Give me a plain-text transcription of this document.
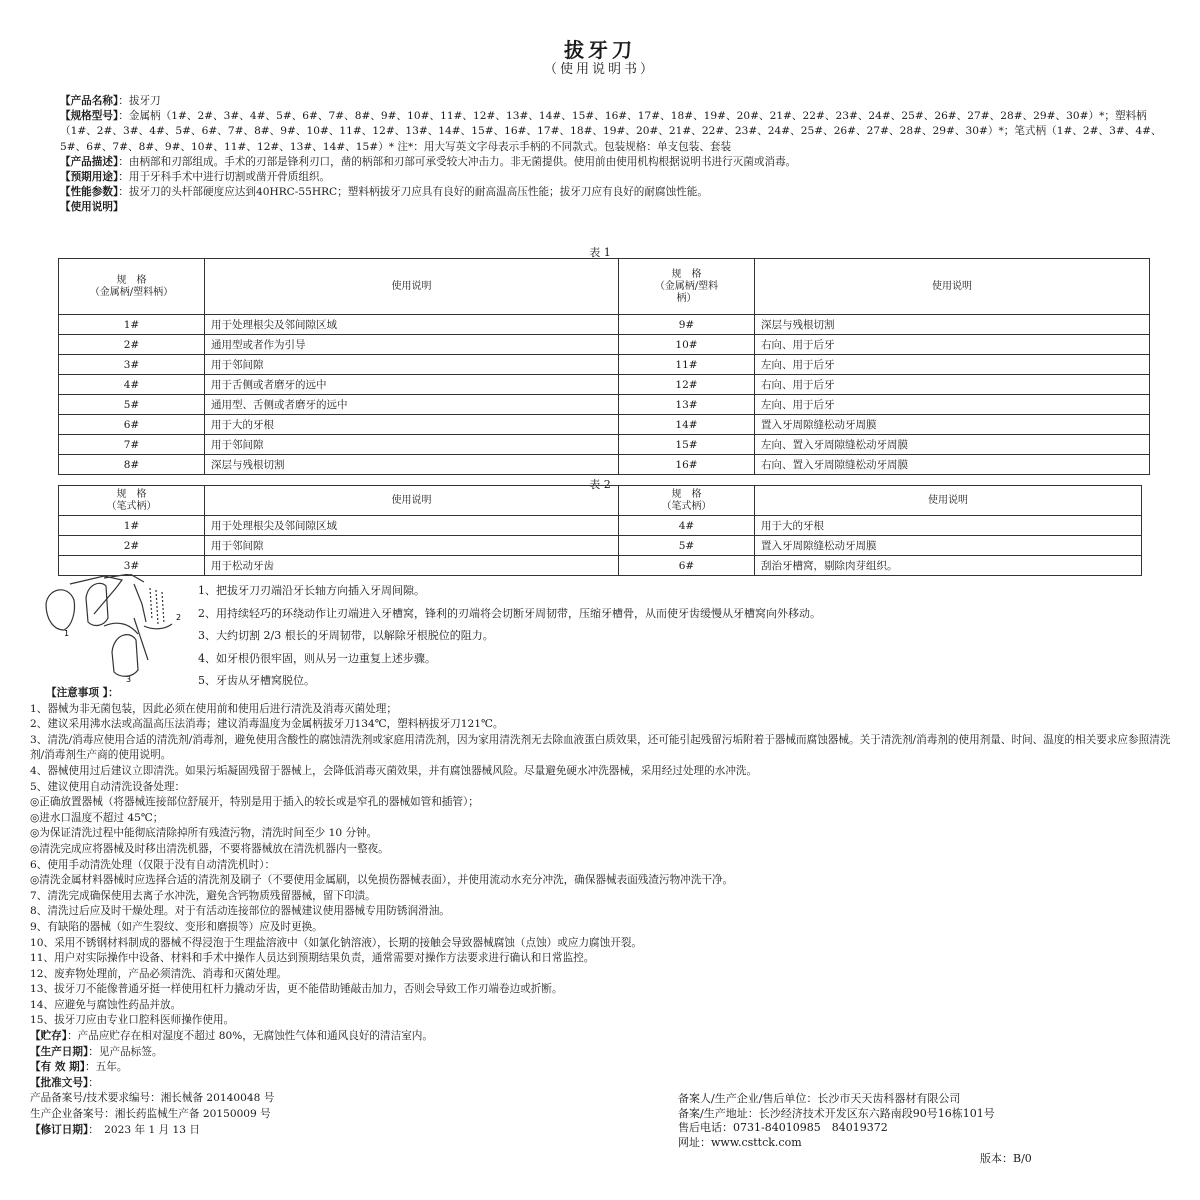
拔牙刀
（使用说明书）

【产品名称】：拔牙刀

【规格型号】：金属柄（1#、2#、3#、4#、5#、6#、7#、8#、9#、10#、11#、12#、13#、14#、15#、16#、17#、18#、19#、20#、21#、22#、23#、24#、25#、26#、27#、28#、29#、30#）*；塑料柄（1#、2#、3#、4#、5#、6#、7#、8#、9#、10#、11#、12#、13#、14#、15#、16#、17#、18#、19#、20#、21#、22#、23#、24#、25#、26#、27#、28#、29#、30#）*；笔式柄（1#、2#、3#、4#、5#、6#、7#、8#、9#、10#、11#、12#、13#、14#、15#）* 注*：用大写英文字母表示手柄的不同款式。包装规格：单支包装、套装

【产品描述】：由柄部和刃部组成。手术的刃部是锋利刃口，凿的柄部和刃部可承受较大冲击力。非无菌提供。使用前由使用机构根据说明书进行灭菌或消毒。

【预期用途】：用于牙科手术中进行切割或凿开骨质组织。

【性能参数】：拔牙刀的头杆部硬度应达到40HRC-55HRC；塑料柄拔牙刀应具有良好的耐高温高压性能；拔牙刀应有良好的耐腐蚀性能。

【使用说明】

表 1
规　格
（金属柄/塑料柄）	使用说明	规　格
（金属柄/塑料
柄）	使用说明
1#	用于处理根尖及邻间隙区域	9#	深层与残根切割
2#	通用型或者作为引导	10#	右向、用于后牙
3#	用于邻间隙	11#	左向、用于后牙
4#	用于舌侧或者磨牙的远中	12#	右向、用于后牙
5#	通用型、舌侧或者磨牙的远中	13#	左向、用于后牙
6#	用于大的牙根	14#	置入牙周隙缝松动牙周膜
7#	用于邻间隙	15#	左向、置入牙周隙缝松动牙周膜
8#	深层与残根切割	16#	右向、置入牙周隙缝松动牙周膜
表 2
规　格
（笔式柄）	使用说明	规　格
（笔式柄）	使用说明
1#	用于处理根尖及邻间隙区域	4#	用于大的牙根
2#	用于邻间隙	5#	置入牙周隙缝松动牙周膜
3#	用于松动牙齿	6#	刮治牙槽窝，剔除肉芽组织。
1
2
3

1、把拔牙刀刃端沿牙长轴方向插入牙周间隙。

2、用持续轻巧的环绕动作让刃端进入牙槽窝，锋利的刃端将会切断牙周韧带，压缩牙槽骨，从而使牙齿缓慢从牙槽窝向外移动。

3、大约切割 2/3 根长的牙周韧带，以解除牙根脱位的阻力。

4、如牙根仍很牢固，则从另一边重复上述步骤。

5、牙齿从牙槽窝脱位。

【注意事项 】：

1、器械为非无菌包装，因此必须在使用前和使用后进行清洗及消毒灭菌处理；

2、建议采用沸水法或高温高压法消毒；建议消毒温度为金属柄拔牙刀134℃，塑料柄拔牙刀121℃。

3、清洗/消毒应使用合适的清洗剂/消毒剂，避免使用含酸性的腐蚀清洗剂或家庭用清洗剂，因为家用清洗剂无去除血液蛋白质效果，还可能引起残留污垢附着于器械而腐蚀器械。关于清洗剂/消毒剂的使用剂量、时间、温度的相关要求应参照清洗剂/消毒剂生产商的使用说明。

4、器械使用过后建议立即清洗。如果污垢凝固残留于器械上，会降低消毒灭菌效果，并有腐蚀器械风险。尽量避免硬水冲洗器械，采用经过处理的水冲洗。

5、建议使用自动清洗设备处理：

◎正确放置器械（将器械连接部位舒展开，特别是用于插入的较长或是窄孔的器械如管和插管）；

◎进水口温度不超过 45℃；

◎为保证清洗过程中能彻底清除掉所有残渣污物，清洗时间至少 10 分钟。

◎清洗完成应将器械及时移出清洗机器，不要将器械放在清洗机器内一整夜。

6、使用手动清洗处理（仅限于没有自动清洗机时）：

◎清洗金属材料器械时应选择合适的清洗剂及刷子（不要使用金属刷，以免损伤器械表面），并使用流动水充分冲洗，确保器械表面残渣污物冲洗干净。

7、清洗完成确保使用去离子水冲洗，避免含钙物质残留器械，留下印渍。

8、清洗过后应及时干燥处理。对于有活动连接部位的器械建议使用器械专用防锈润滑油。

9、有缺陷的器械（如产生裂纹、变形和磨损等）应及时更换。

10、采用不锈钢材料制成的器械不得浸泡于生理盐溶液中（如氯化钠溶液），长期的接触会导致器械腐蚀（点蚀）或应力腐蚀开裂。

11、用户对实际操作中设备、材料和手术中操作人员达到预期结果负责，通常需要对操作方法要求进行确认和日常监控。

12、废弃物处理前，产品必须清洗、消毒和灭菌处理。

13、拔牙刀不能像普通牙挺一样使用杠杆力撬动牙齿，更不能借助锤敲击加力，否则会导致工作刃端卷边或折断。

14、应避免与腐蚀性药品并放。

15、拔牙刀应由专业口腔科医师操作使用。

【贮存】：产品应贮存在相对湿度不超过 80%，无腐蚀性气体和通风良好的清洁室内。

【生产日期】：见产品标签。

【有 效 期】：五年。

【批准文号】：

产品备案号/技术要求编号：湘长械备 20140048 号

生产企业备案号：湘长药监械生产备 20150009 号

【修订日期】：　2023 年 1 月 13 日

备案人/生产企业/售后单位：长沙市天天齿科器材有限公司

备案/生产地址：长沙经济技术开发区东六路南段90号16栋101号

售后电话：0731-84010985　84019372

网址：www.csttck.com

版本：B/0
